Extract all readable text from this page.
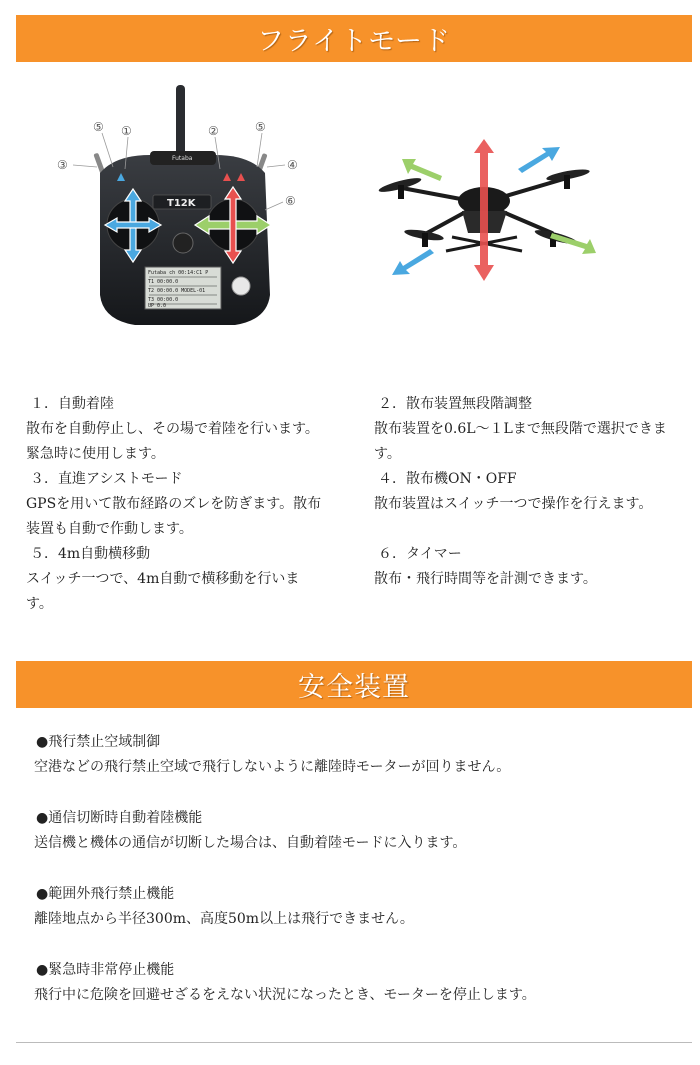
フライトモード
⑤ ①	②	⑤
③	④
⑥
Futaba
T12K
Futaba ch 00:14:C1 P
T1 00:00.0
T2 00:00.0 MODEL-01
T3 00:00.0
UP 0.0
１．自動着陸

散布を自動停止し、その場で着陸を行います。緊急時に使用します。

３．直進アシストモード

GPSを用いて散布経路のズレを防ぎます。散布装置も自動で作動します。

５．4m自動横移動

スイッチ一つで、4m自動で横移動を行います。

２．散布装置無段階調整

散布装置を0.6L～１Lまで無段階で選択できます。

４．散布機ON・OFF

散布装置はスイッチ一つで操作を行えます。

６．タイマー

散布・飛行時間等を計測できます。

安全装置
●飛行禁止空域制御
空港などの飛行禁止空域で飛行しないように離陸時モーターが回りません。
●通信切断時自動着陸機能
送信機と機体の通信が切断した場合は、自動着陸モードに入ります。
●範囲外飛行禁止機能
離陸地点から半径300m、高度50m以上は飛行できません。
●緊急時非常停止機能
飛行中に危険を回避せざるをえない状況になったとき、モーターを停止します。
